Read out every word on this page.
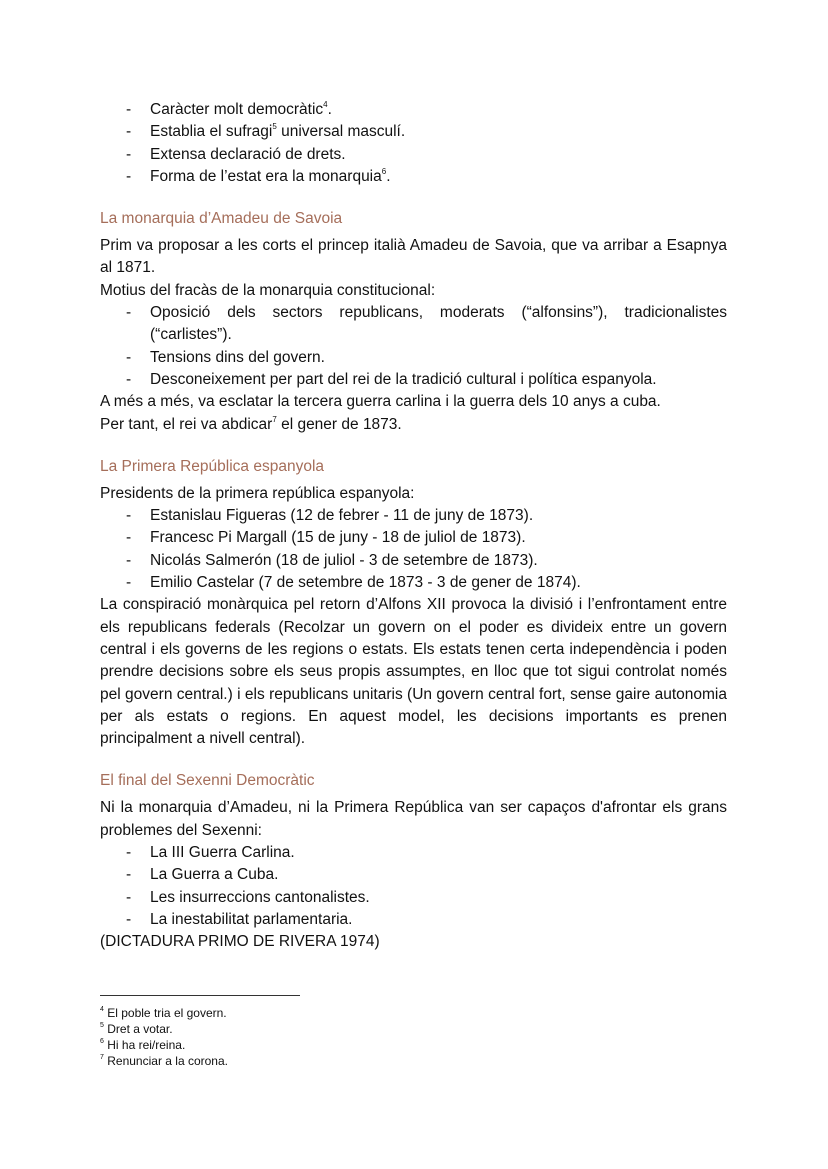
- Caràcter molt democràtic$^4$.
- Establia el sufragi$^5$ universal masculí.
- Extensa declaració de drets.
- Forma de l’estat era la monarquia$^6$.
La monarquia d’Amadeu de Savoia

Prim va proposar a les corts el princep italià Amadeu de Savoia, que va arribar a Esapnya al 1871.

Motius del fracàs de la monarquia constitucional:

- Oposició dels sectors republicans, moderats (“alfonsins”), tradicionalistes (“carlistes”).
- Tensions dins del govern.
- Desconeixement per part del rei de la tradició cultural i política espanyola.

A més a més, va esclatar la tercera guerra carlina i la guerra dels 10 anys a cuba.

Per tant, el rei va abdicar$^7$ el gener de 1873.

La Primera República espanyola

Presidents de la primera república espanyola:

- Estanislau Figueras (12 de febrer - 11 de juny de 1873).
- Francesc Pi Margall (15 de juny - 18 de juliol de 1873).
- Nicolás Salmerón (18 de juliol - 3 de setembre de 1873).
- Emilio Castelar (7 de setembre de 1873 - 3 de gener de 1874).

La conspiració monàrquica pel retorn d’Alfons XII provoca la divisió i l’enfrontament entre els republicans federals (Recolzar un govern on el poder es divideix entre un govern central i els governs de les regions o estats. Els estats tenen certa independència i poden prendre decisions sobre els seus propis assumptes, en lloc que tot sigui controlat només pel govern central.) i els republicans unitaris (Un govern central fort, sense gaire autonomia per als estats o regions. En aquest model, les decisions importants es prenen principalment a nivell central).

El final del Sexenni Democràtic

Ni la monarquia d’Amadeu, ni la Primera República van ser capaços d'afrontar els grans problemes del Sexenni:

- La III Guerra Carlina.
- La Guerra a Cuba.
- Les insurreccions cantonalistes.
- La inestabilitat parlamentaria.

(DICTADURA PRIMO DE RIVERA 1974)

$^4$ El poble tria el govern.
$^5$ Dret a votar.
$^6$ Hi ha rei/reina.
$^7$ Renunciar a la corona.
